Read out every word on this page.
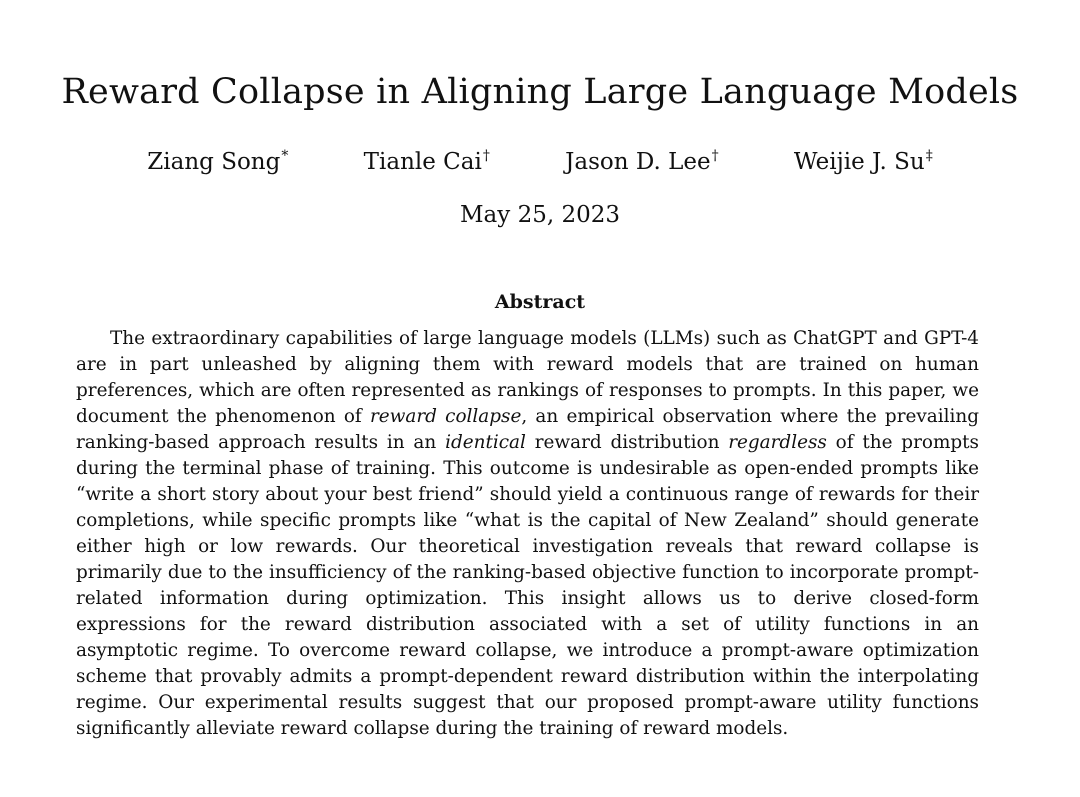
Reward Collapse in Aligning Large Language Models
Ziang Song*	Tianle Cai†	Jason D. Lee†	Weijie J. Su‡
May 25, 2023
Abstract

The extraordinary capabilities of large language models (LLMs) such as ChatGPT and GPT-4 are in part unleashed by aligning them with reward models that are trained on human preferences, which are often represented as rankings of responses to prompts. In this paper, we document the phenomenon of reward collapse, an empirical observation where the prevailing ranking-based approach results in an identical reward distribution regardless of the prompts during the terminal phase of training. This outcome is undesirable as open-ended prompts like “write a short story about your best friend” should yield a continuous range of rewards for their completions, while specific prompts like “what is the capital of New Zealand” should generate either high or low rewards. Our theoretical investigation reveals that reward collapse is primarily due to the insufficiency of the ranking-based objective function to incorporate prompt-related information during optimization. This insight allows us to derive closed-form expressions for the reward distribution associated with a set of utility functions in an asymptotic regime. To overcome reward collapse, we introduce a prompt-aware optimization scheme that provably admits a prompt-dependent reward distribution within the interpolating regime. Our experimental results suggest that our proposed prompt-aware utility functions significantly alleviate reward collapse during the training of reward models.
